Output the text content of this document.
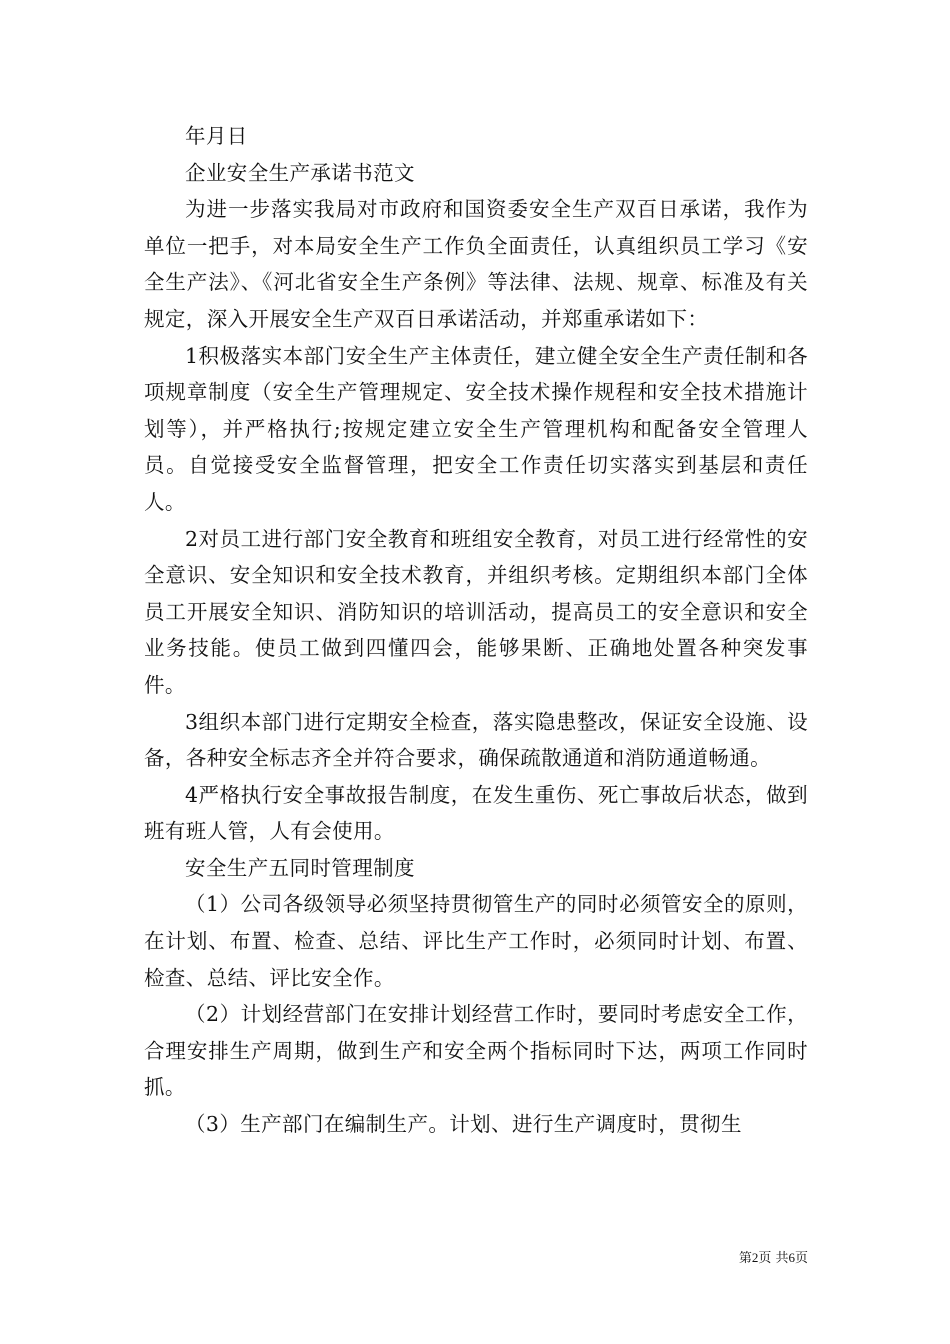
年月日

企业安全生产承诺书范文

为进一步落实我局对市政府和国资委安全生产双百日承诺，我作为单位一把手，对本局安全生产工作负全面责任，认真组织员工学习《安全生产法》、《河北省安全生产条例》等法律、法规、规章、标准及有关规定，深入开展安全生产双百日承诺活动，并郑重承诺如下：

1积极落实本部门安全生产主体责任，建立健全安全生产责任制和各项规章制度（安全生产管理规定、安全技术操作规程和安全技术措施计划等），并严格执行;按规定建立安全生产管理机构和配备安全管理人员。自觉接受安全监督管理，把安全工作责任切实落实到基层和责任人。

2对员工进行部门安全教育和班组安全教育，对员工进行经常性的安全意识、安全知识和安全技术教育，并组织考核。定期组织本部门全体员工开展安全知识、消防知识的培训活动，提高员工的安全意识和安全业务技能。使员工做到四懂四会，能够果断、正确地处置各种突发事件。

3组织本部门进行定期安全检查，落实隐患整改，保证安全设施、设备，各种安全标志齐全并符合要求，确保疏散通道和消防通道畅通。

4严格执行安全事故报告制度，在发生重伤、死亡事故后状态，做到班有班人管，人有会使用。

安全生产五同时管理制度

（1）公司各级领导必须坚持贯彻管生产的同时必须管安全的原则，在计划、布置、检查、总结、评比生产工作时，必须同时计划、布置、检查、总结、评比安全作。

（2）计划经营部门在安排计划经营工作时，要同时考虑安全工作，合理安排生产周期，做到生产和安全两个指标同时下达，两项工作同时抓。

（3）生产部门在编制生产。计划、进行生产调度时，贯彻生

第2页 共6页
